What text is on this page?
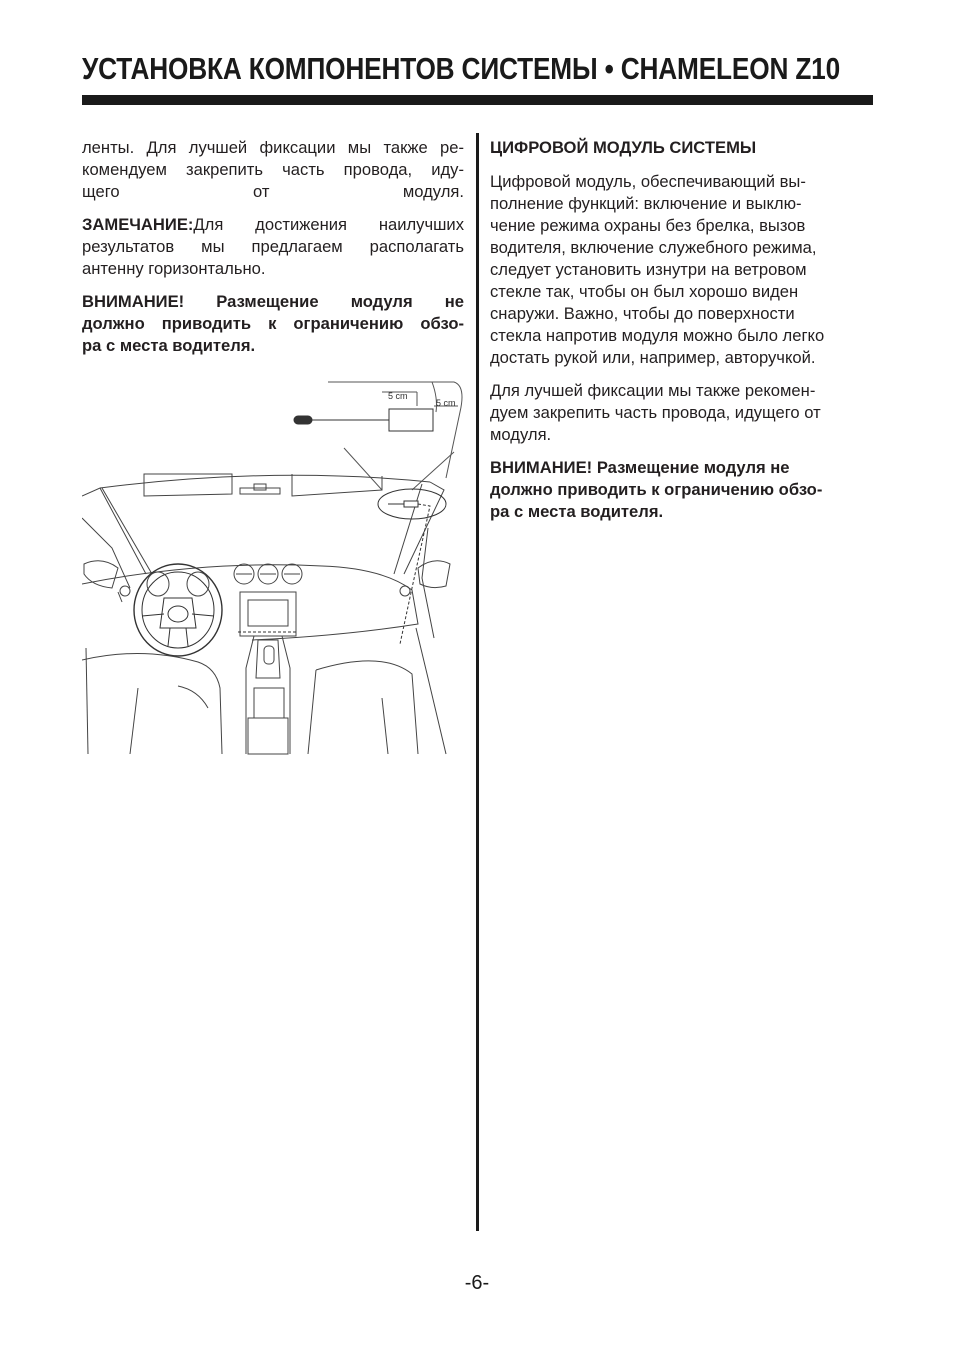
УСТАНОВКА КОМПОНЕНТОВ СИСТЕМЫ • CHAMELEON Z10

ленты. Для лучшей фиксации мы также ре-
комендуем закрепить часть провода, иду-
щего от модуля.

ЗАМЕЧАНИЕ: Для достижения наилучших
результатов мы предлагаем располагать
антенну горизонтально.

ВНИМАНИЕ! Размещение модуля не
должно приводить к ограничению обзо-
ра с места водителя.

5 cm
5 cm
ЦИФРОВОЙ МОДУЛЬ СИСТЕМЫ

Цифровой модуль, обеспечивающий вы-
полнение функций: включение и выклю-
чение режима охраны без брелка, вызов
водителя, включение служебного режима,
следует установить изнутри на ветровом
стекле так, чтобы он был хорошо виден
снаружи. Важно, чтобы до поверхности
стекла напротив модуля можно было легко
достать рукой или, например, авторучкой.

Для лучшей фиксации мы также рекомен-
дуем закрепить часть провода, идущего от
модуля.

ВНИМАНИЕ! Размещение модуля не
должно приводить к ограничению обзо-
ра с места водителя.

-6-
